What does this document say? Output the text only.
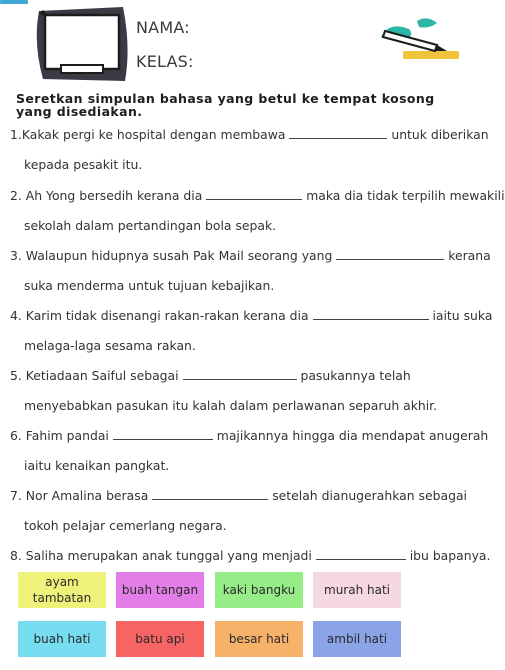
NAMA:
KELAS:
Seretkan simpulan bahasa yang betul ke tempat kosong yang disediakan.
1.Kakak pergi ke hospital dengan membawa	untuk diberikan
kepada pesakit itu.
2. Ah Yong bersedih kerana dia	maka dia tidak terpilih mewakili
sekolah dalam pertandingan bola sepak.
3. Walaupun hidupnya susah Pak Mail seorang yang	kerana
suka menderma untuk tujuan kebajikan.
4. Karim tidak disenangi rakan-rakan kerana dia	iaitu suka
melaga-laga sesama rakan.
5. Ketiadaan Saiful sebagai	pasukannya telah
menyebabkan pasukan itu kalah dalam perlawanan separuh akhir.
6. Fahim pandai	majikannya hingga dia mendapat anugerah
iaitu kenaikan pangkat.
7. Nor Amalina berasa	setelah dianugerahkan sebagai
tokoh pelajar cemerlang negara.
8. Saliha merupakan anak tunggal yang menjadi	ibu bapanya.
ayam tambatan
buah tangan	kaki bangku	murah hati
buah hati	batu api	besar hati	ambil hati
